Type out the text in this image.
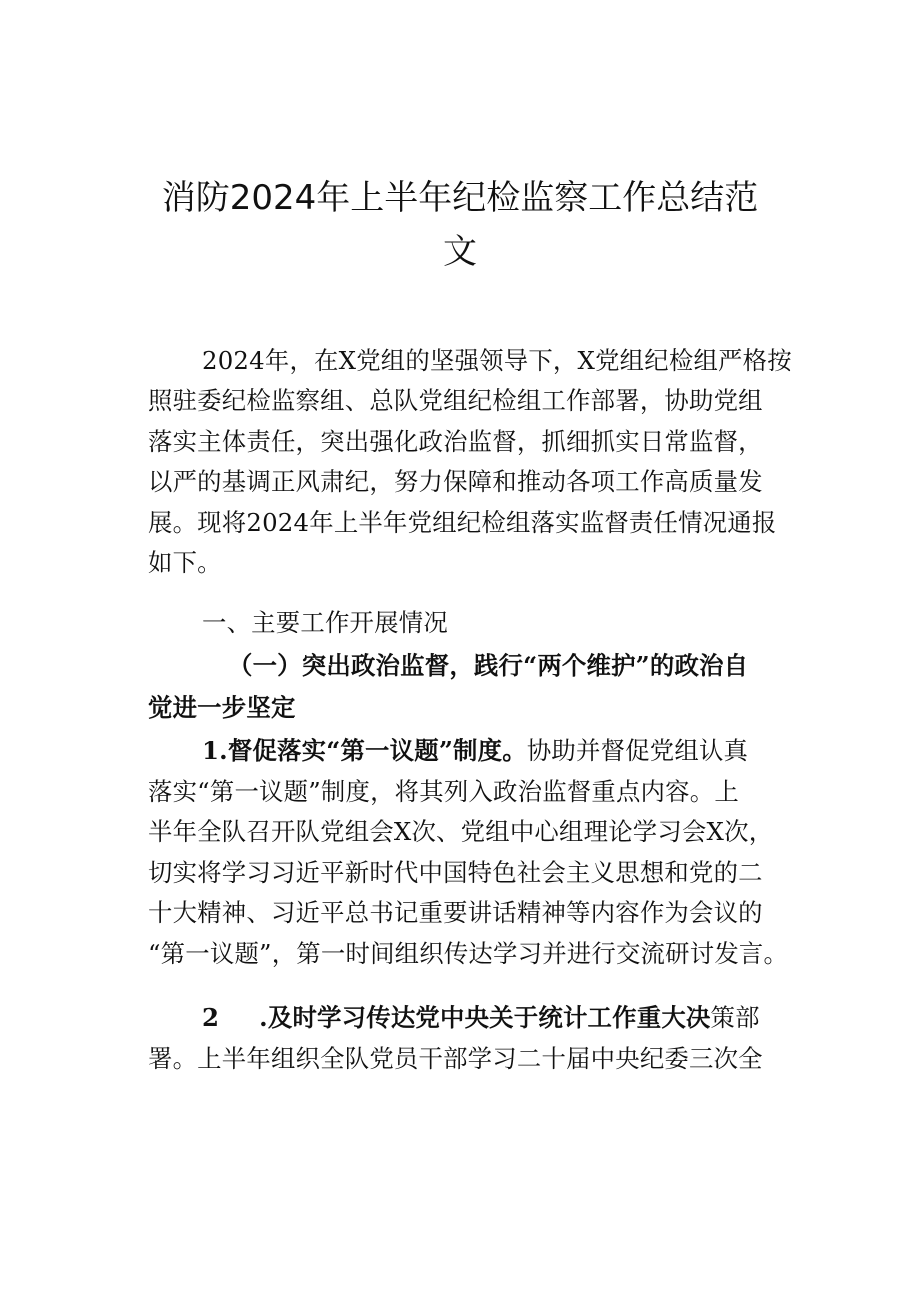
消防2024年上半年纪检监察工作总结范
文
2024年，在X党组的坚强领导下，X党组纪检组严格按
照驻委纪检监察组、总队党组纪检组工作部署，协助党组
落实主体责任，突出强化政治监督，抓细抓实日常监督，
以严的基调正风肃纪，努力保障和推动各项工作高质量发
展。现将2024年上半年党组纪检组落实监督责任情况通报
如下。
一、主要工作开展情况
（一）突出政治监督，践行“两个维护”的政治自
觉进一步坚定
1.督促落实“第一议题”制度。协助并督促党组认真
落实“第一议题”制度，将其列入政治监督重点内容。上
半年全队召开队党组会X次、党组中心组理论学习会X次，
切实将学习习近平新时代中国特色社会主义思想和党的二
十大精神、习近平总书记重要讲话精神等内容作为会议的
“第一议题”，第一时间组织传达学习并进行交流研讨发言。
2 .及时学习传达党中央关于统计工作重大决策部
署。上半年组织全队党员干部学习二十届中央纪委三次全
